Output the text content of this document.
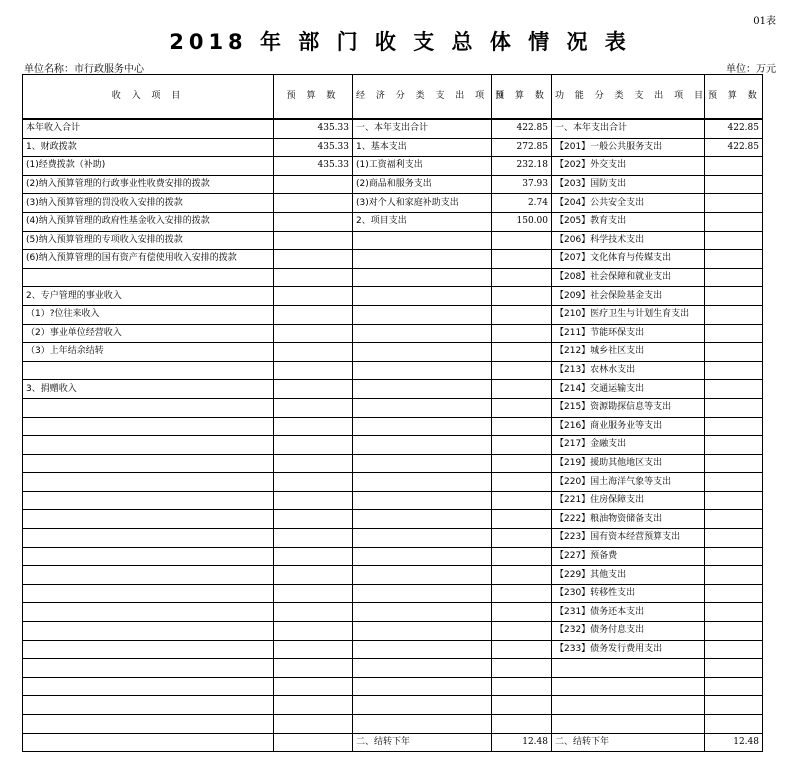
01表
2018 年 部 门 收 支 总 体 情 况 表
单位名称：市行政服务中心	单位：万元
收 入 项 目	预 算 数	经 济 分 类 支 出 项 目	预 算 数	功 能 分 类 支 出 项 目	预 算 数
本年收入合计	435.33	一、本年支出合计	422.85	一、本年支出合计	422.85
1、财政拨款	435.33	1、基本支出	272.85	【201】一般公共服务支出	422.85
(1)经费拨款（补助)	435.33	(1)工资福利支出	232.18	【202】外交支出	
(2)纳入预算管理的行政事业性收费安排的拨款		(2)商品和服务支出	37.93	【203】国防支出	
(3)纳入预算管理的罚没收入安排的拨款		(3)对个人和家庭补助支出	2.74	【204】公共安全支出	
(4)纳入预算管理的政府性基金收入安排的拨款		2、项目支出	150.00	【205】教育支出	
(5)纳入预算管理的专项收入安排的拨款				【206】科学技术支出	
(6)纳入预算管理的国有资产有偿使用收入安排的拨款				【207】文化体育与传媒支出	
				【208】社会保障和就业支出	
2、专户管理的事业收入				【209】社会保险基金支出	
（1）?位往来收入				【210】医疗卫生与计划生育支出	
（2）事业单位经营收入				【211】节能环保支出	
（3）上年结余结转				【212】城乡社区支出	
				【213】农林水支出	
3、捐赠收入				【214】交通运输支出	
				【215】资源勘探信息等支出	
				【216】商业服务业等支出	
				【217】金融支出	
				【219】援助其他地区支出	
				【220】国土海洋气象等支出	
				【221】住房保障支出	
				【222】粮油物资储备支出	
				【223】国有资本经营预算支出	
				【227】预备费	
				【229】其他支出	
				【230】转移性支出	
				【231】债务还本支出	
				【232】债务付息支出	
				【233】债务发行费用支出	

		二、结转下年	12.48	二、结转下年	12.48
